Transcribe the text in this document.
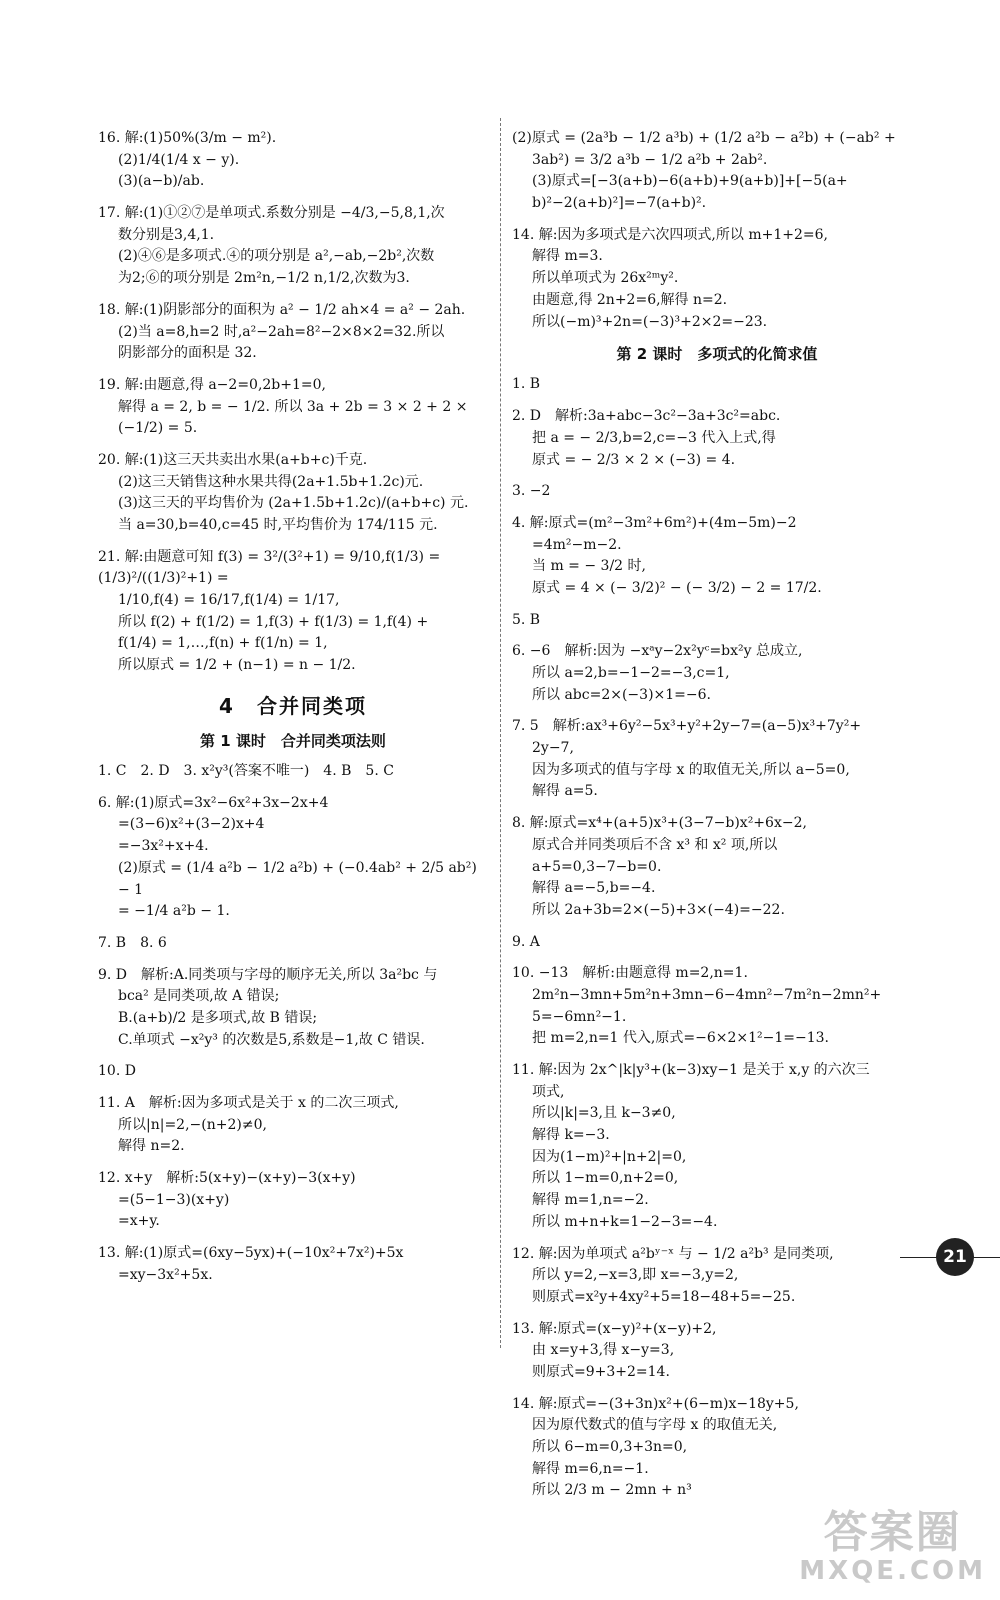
16. 解:(1)50%(3/m − m²).
(2)1/4(1/4 x − y).
(3)(a−b)/ab.
17. 解:(1)①②⑦是单项式.系数分别是 −4/3,−5,8,1,次
数分别是3,4,1.
(2)④⑥是多项式.④的项分别是 a²,−ab,−2b²,次数
为2;⑥的项分别是 2m²n,−1/2 n,1/2,次数为3.
18. 解:(1)阴影部分的面积为 a² − 1/2 ah×4 = a² − 2ah.
(2)当 a=8,h=2 时,a²−2ah=8²−2×8×2=32.所以
阴影部分的面积是 32.
19. 解:由题意,得 a−2=0,2b+1=0,
解得 a = 2, b = − 1/2. 所以 3a + 2b = 3 × 2 + 2 ×
(−1/2) = 5.
20. 解:(1)这三天共卖出水果(a+b+c)千克.
(2)这三天销售这种水果共得(2a+1.5b+1.2c)元.
(3)这三天的平均售价为 (2a+1.5b+1.2c)/(a+b+c) 元.
当 a=30,b=40,c=45 时,平均售价为 174/115 元.
21. 解:由题意可知 f(3) = 3²/(3²+1) = 9/10,f(1/3) = (1/3)²/((1/3)²+1) =
1/10,f(4) = 16/17,f(1/4) = 1/17,
所以 f(2) + f(1/2) = 1,f(3) + f(1/3) = 1,f(4) +
f(1/4) = 1,…,f(n) + f(1/n) = 1,
所以原式 = 1/2 + (n−1) = n − 1/2.
4　合并同类项
第 1 课时　合并同类项法则
1. C　2. D　3. x²y³(答案不唯一)　4. B　5. C
6. 解:(1)原式=3x²−6x²+3x−2x+4
=(3−6)x²+(3−2)x+4
=−3x²+x+4.
(2)原式 = (1/4 a²b − 1/2 a²b) + (−0.4ab² + 2/5 ab²) − 1
= −1/4 a²b − 1.
7. B　8. 6
9. D　解析:A.同类项与字母的顺序无关,所以 3a²bc 与
bca² 是同类项,故 A 错误;
B.(a+b)/2 是多项式,故 B 错误;
C.单项式 −x²y³ 的次数是5,系数是−1,故 C 错误.
10. D
11. A　解析:因为多项式是关于 x 的二次三项式,
所以|n|=2,−(n+2)≠0,
解得 n=2.
12. x+y　解析:5(x+y)−(x+y)−3(x+y)
=(5−1−3)(x+y)
=x+y.
13. 解:(1)原式=(6xy−5yx)+(−10x²+7x²)+5x
=xy−3x²+5x.
(2)原式 = (2a³b − 1/2 a³b) + (1/2 a²b − a²b) + (−ab² +
3ab²) = 3/2 a³b − 1/2 a²b + 2ab².
(3)原式=[−3(a+b)−6(a+b)+9(a+b)]+[−5(a+
b)²−2(a+b)²]=−7(a+b)².
14. 解:因为多项式是六次四项式,所以 m+1+2=6,
解得 m=3.
所以单项式为 26x²ᵐy².
由题意,得 2n+2=6,解得 n=2.
所以(−m)³+2n=(−3)³+2×2=−23.
第 2 课时　多项式的化简求值
1. B
2. D　解析:3a+abc−3c²−3a+3c²=abc.
把 a = − 2/3,b=2,c=−3 代入上式,得
原式 = − 2/3 × 2 × (−3) = 4.
3. −2
4. 解:原式=(m²−3m²+6m²)+(4m−5m)−2
=4m²−m−2.
当 m = − 3/2 时,
原式 = 4 × (− 3/2)² − (− 3/2) − 2 = 17/2.
5. B
6. −6　解析:因为 −xᵃy−2x²yᶜ=bx²y 总成立,
所以 a=2,b=−1−2=−3,c=1,
所以 abc=2×(−3)×1=−6.
7. 5　解析:ax³+6y²−5x³+y²+2y−7=(a−5)x³+7y²+
2y−7,
因为多项式的值与字母 x 的取值无关,所以 a−5=0,
解得 a=5.
8. 解:原式=x⁴+(a+5)x³+(3−7−b)x²+6x−2,
原式合并同类项后不含 x³ 和 x² 项,所以
a+5=0,3−7−b=0.
解得 a=−5,b=−4.
所以 2a+3b=2×(−5)+3×(−4)=−22.
9. A
10. −13　解析:由题意得 m=2,n=1.
2m²n−3mn+5m²n+3mn−6−4mn²−7m²n−2mn²+
5=−6mn²−1.
把 m=2,n=1 代入,原式=−6×2×1²−1=−13.
11. 解:因为 2x^|k|y³+(k−3)xy−1 是关于 x,y 的六次三
项式,
所以|k|=3,且 k−3≠0,
解得 k=−3.
因为(1−m)²+|n+2|=0,
所以 1−m=0,n+2=0,
解得 m=1,n=−2.
所以 m+n+k=1−2−3=−4.
12. 解:因为单项式 a²bʸ⁻ˣ 与 − 1/2 a²b³ 是同类项,
所以 y=2,−x=3,即 x=−3,y=2,
则原式=x²y+4xy²+5=18−48+5=−25.
13. 解:原式=(x−y)²+(x−y)+2,
由 x=y+3,得 x−y=3,
则原式=9+3+2=14.
14. 解:原式=−(3+3n)x²+(6−m)x−18y+5,
因为原代数式的值与字母 x 的取值无关,
所以 6−m=0,3+3n=0,
解得 m=6,n=−1.
所以 2/3 m − 2mn + n³
21
答案圈
MXQE.COM
